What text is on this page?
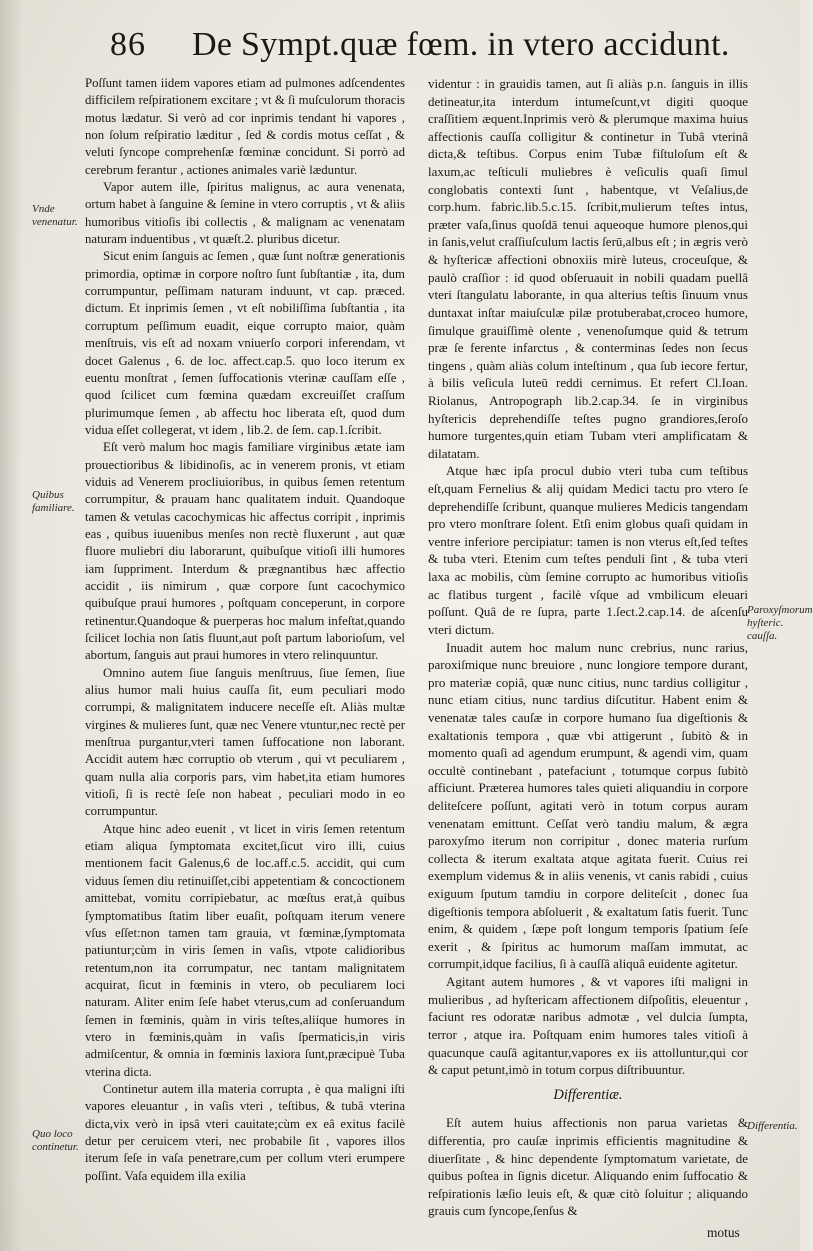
86 De Sympt.quæ fœm. in vtero accidunt.
Vnde venenatur.
Quibus familiare.
Quo loco continetur.
Paroxyſmorum hyſteric. cauſſa.
Differentia.

Poſſunt tamen iidem vapores etiam ad pulmones adſcendentes difficilem reſpirationem excitare ; vt & ſi muſculorum thoracis motus lædatur. Si verò ad cor inprimis tendant hi vapores , non ſolum reſpiratio læditur , ſed & cordis motus ceſſat , & veluti ſyncope comprehenſæ fœminæ concidunt. Si porrò ad cerebrum ferantur , actiones animales variè læduntur.

Vapor autem ille, ſpiritus malignus, ac aura venenata, ortum habet à ſanguine & ſemine in vtero corruptis , vt & aliis humoribus vitioſis ibi collectis , & malignam ac venenatam naturam induentibus , vt quæſt.2. pluribus dicetur.

Sicut enim ſanguis ac ſemen , quæ ſunt noſtræ generationis primordia, optimæ in corpore noſtro ſunt ſubſtantiæ , ita, dum corrumpuntur, peſſimam naturam induunt, vt cap. præced. dictum. Et inprimis ſemen , vt eſt nobiliſſima ſubſtantia , ita corruptum peſſimum euadit, eique corrupto maior, quàm menſtruis, vis eſt ad noxam vniuerſo corpori inferendam, vt docet Galenus , 6. de loc. affect.cap.5. quo loco iterum ex euentu monſtrat , ſemen ſuffocationis vterinæ cauſſam eſſe , quod ſcilicet cum fœmina quædam excreuiſſet craſſum plurimumque ſemen , ab affectu hoc liberata eſt, quod dum vidua eſſet collegerat, vt idem , lib.2. de ſem. cap.1.ſcribit.

Eſt verò malum hoc magis familiare virginibus ætate iam prouectioribus & libidinoſis, ac in venerem pronis, vt etiam viduis ad Venerem procliuioribus, in quibus ſemen retentum corrumpitur, & prauam hanc qualitatem induit. Quandoque tamen & vetulas cacochymicas hic affectus corripit , inprimis eas , quibus iuuenibus menſes non rectè fluxerunt , aut quæ fluore muliebri diu laborarunt, quibuſque vitioſi illi humores iam ſuppriment. Interdum & prægnantibus hæc affectio accidit , iis nimirum , quæ corpore ſunt cacochymico quibuſque praui humores , poſtquam conceperunt, in corpore retinentur.Quandoque & puerperas hoc malum infeſtat,quando ſcilicet lochia non ſatis fluunt,aut poſt partum laborioſum, vel abortum, ſanguis aut praui humores in vtero relinquuntur.

Omnino autem ſiue ſanguis menſtruus, ſiue ſemen, ſiue alius humor mali huius cauſſa ſit, eum peculiari modo corrumpi, & malignitatem inducere neceſſe eſt. Aliàs multæ virgines & mulieres ſunt, quæ nec Venere vtuntur,nec rectè per menſtrua purgantur,vteri tamen ſuffocatione non laborant. Accidit autem hæc corruptio ob vterum , qui vt peculiarem , quam nulla alia corporis pars, vim habet,ita etiam humores vitioſi, ſi is rectè ſeſe non habeat , peculiari modo in eo corrumpuntur.

Atque hinc adeo euenit , vt licet in viris ſemen retentum etiam aliqua ſymptomata excitet,ſicut viro illi, cuius mentionem facit Galenus,6 de loc.aff.c.5. accidit, qui cum viduus ſemen diu retinuiſſet,cibi appetentiam & concoctionem amittebat, vomitu corripiebatur, ac mœſtus erat,à quibus ſymptomatibus ſtatim liber euaſit, poſtquam iterum venere vſus eſſet:non tamen tam grauia, vt fœminæ,ſymptomata patiuntur;cùm in viris ſemen in vaſis, vtpote calidioribus retentum,non ita corrumpatur, nec tantam malignitatem acquirat, ſicut in fœminis in vtero, ob peculiarem loci naturam. Aliter enim ſeſe habet vterus,cum ad conſeruandum ſemen in fœminis, quàm in viris teſtes,aliique humores in vtero in fœminis,quàm in vaſis ſpermaticis,in viris admiſcentur, & omnia in fœminis laxiora ſunt,præcipuè Tuba vterina dicta.

Continetur autem illa materia corrupta , è qua maligni iſti vapores eleuantur , in vaſis vteri , teſtibus, & tubâ vterina dicta,vix verò in ipsâ vteri cauitate;cùm ex eâ exitus facilè detur per ceruicem vteri, nec probabile ſit , vapores illos iterum ſeſe in vaſa penetrare,cum per collum vteri erumpere poſſint. Vaſa equidem illa exilia

videntur : in grauidis tamen, aut ſi aliàs p.n. ſanguis in illis detineatur,ita interdum intumeſcunt,vt digiti quoque craſſitiem æquent.Inprimis verò & plerumque maxima huius affectionis cauſſa colligitur & continetur in Tubâ vterinâ dicta,& teſtibus. Corpus enim Tubæ fiſtuloſum eſt & laxum,ac teſticuli muliebres è veſiculis quaſi ſimul conglobatis contexti ſunt , habentque, vt Veſalius,de corp.hum. fabric.lib.5.c.15. ſcribit,mulierum teſtes intus, præter vaſa,ſinus quoſdā tenui aqueoque humore plenos,qui in ſanis,velut craſſiuſculum lactis ſerū,albus eſt ; in ægris verò & hyſtericæ affectioni obnoxiis mirè luteus, croceuſque, & paulò craſſior : id quod obſeruauit in nobili quadam puellâ vteri ſtangulatu laborante, in qua alterius teſtis ſinuum vnus duntaxat inſtar maiuſculæ pilæ protuberabat,croceo humore, ſimulque grauiſſimè olente , venenoſumque quid & tetrum præ ſe ferente infarctus , & conterminas ſedes non ſecus tingens , quàm aliàs colum inteſtinum , qua ſub iecore fertur, à bilis veſicula luteū reddi cernimus. Et refert Cl.Ioan. Riolanus, Antropograph lib.2.cap.34. ſe in virginibus hyſtericis deprehendiſſe teſtes pugno grandiores,ſeroſo humore turgentes,quin etiam Tubam vteri amplificatam & dilatatam.

Atque hæc ipſa procul dubio vteri tuba cum teſtibus eſt,quam Fernelius & alij quidam Medici tactu pro vtero ſe deprehendiſſe ſcribunt, quanque mulieres Medicis tangendam pro vtero monſtrare ſolent. Etſi enim globus quaſi quidam in ventre inferiore percipiatur: tamen is non vterus eſt,ſed teſtes & tuba vteri. Etenim cum teſtes penduli ſint , & tuba vteri laxa ac mobilis, cùm ſemine corrupto ac humoribus vitioſis ac flatibus turgent , facilè vſque ad vmbilicum eleuari poſſunt. Quâ de re ſupra, parte 1.ſect.2.cap.14. de aſcenſu vteri dictum.

Inuadit autem hoc malum nunc crebrius, nunc rarius, paroxiſmique nunc breuiore , nunc longiore tempore durant, pro materiæ copiâ, quæ nunc citius, nunc tardius colligitur , nunc etiam citius, nunc tardius diſcutitur. Habent enim & venenatæ tales cauſæ in corpore humano ſua digeſtionis & exaltationis tempora , quæ vbi attigerunt , ſubitò & in momento quaſi ad agendum erumpunt, & agendi vim, quam occultè continebant , patefaciunt , totumque corpus ſubitò afficiunt. Præterea humores tales quieti aliquandiu in corpore deliteſcere poſſunt, agitati verò in totum corpus auram venenatam emittunt. Ceſſat verò tandiu malum, & ægra paroxyſmo iterum non corripitur , donec materia rurſum collecta & iterum exaltata atque agitata fuerit. Cuius rei exemplum videmus & in aliis venenis, vt canis rabidi , cuius exiguum ſputum tamdiu in corpore deliteſcit , donec ſua digeſtionis tempora abſoluerit , & exaltatum ſatis fuerit. Tunc enim, & quidem , ſæpe poſt longum temporis ſpatium ſeſe exerit , & ſpiritus ac humorum maſſam immutat, ac corrumpit,idque facilius, ſi à cauſſâ aliquâ euidente agitetur.

Agitant autem humores , & vt vapores iſti maligni in mulieribus , ad hyſtericam affectionem diſpoſitis, eleuentur , faciunt res odoratæ naribus admotæ , vel dulcia ſumpta, terror , atque ira. Poſtquam enim humores tales vitioſi à quacunque cauſâ agitantur,vapores ex iis attolluntur,qui cor & caput petunt,imò in totum corpus diſtribuuntur.

Differentiæ.

Eſt autem huius affectionis non parua varietas & differentia, pro cauſæ inprimis efficientis magnitudine & diuerſitate , & hinc dependente ſymptomatum varietate, de quibus poſtea in ſignis dicetur. Aliquando enim ſuffocatio & reſpirationis læſio leuis eſt, & quæ citò ſoluitur ; aliquando grauis cum ſyncope,ſenſus &

motus
